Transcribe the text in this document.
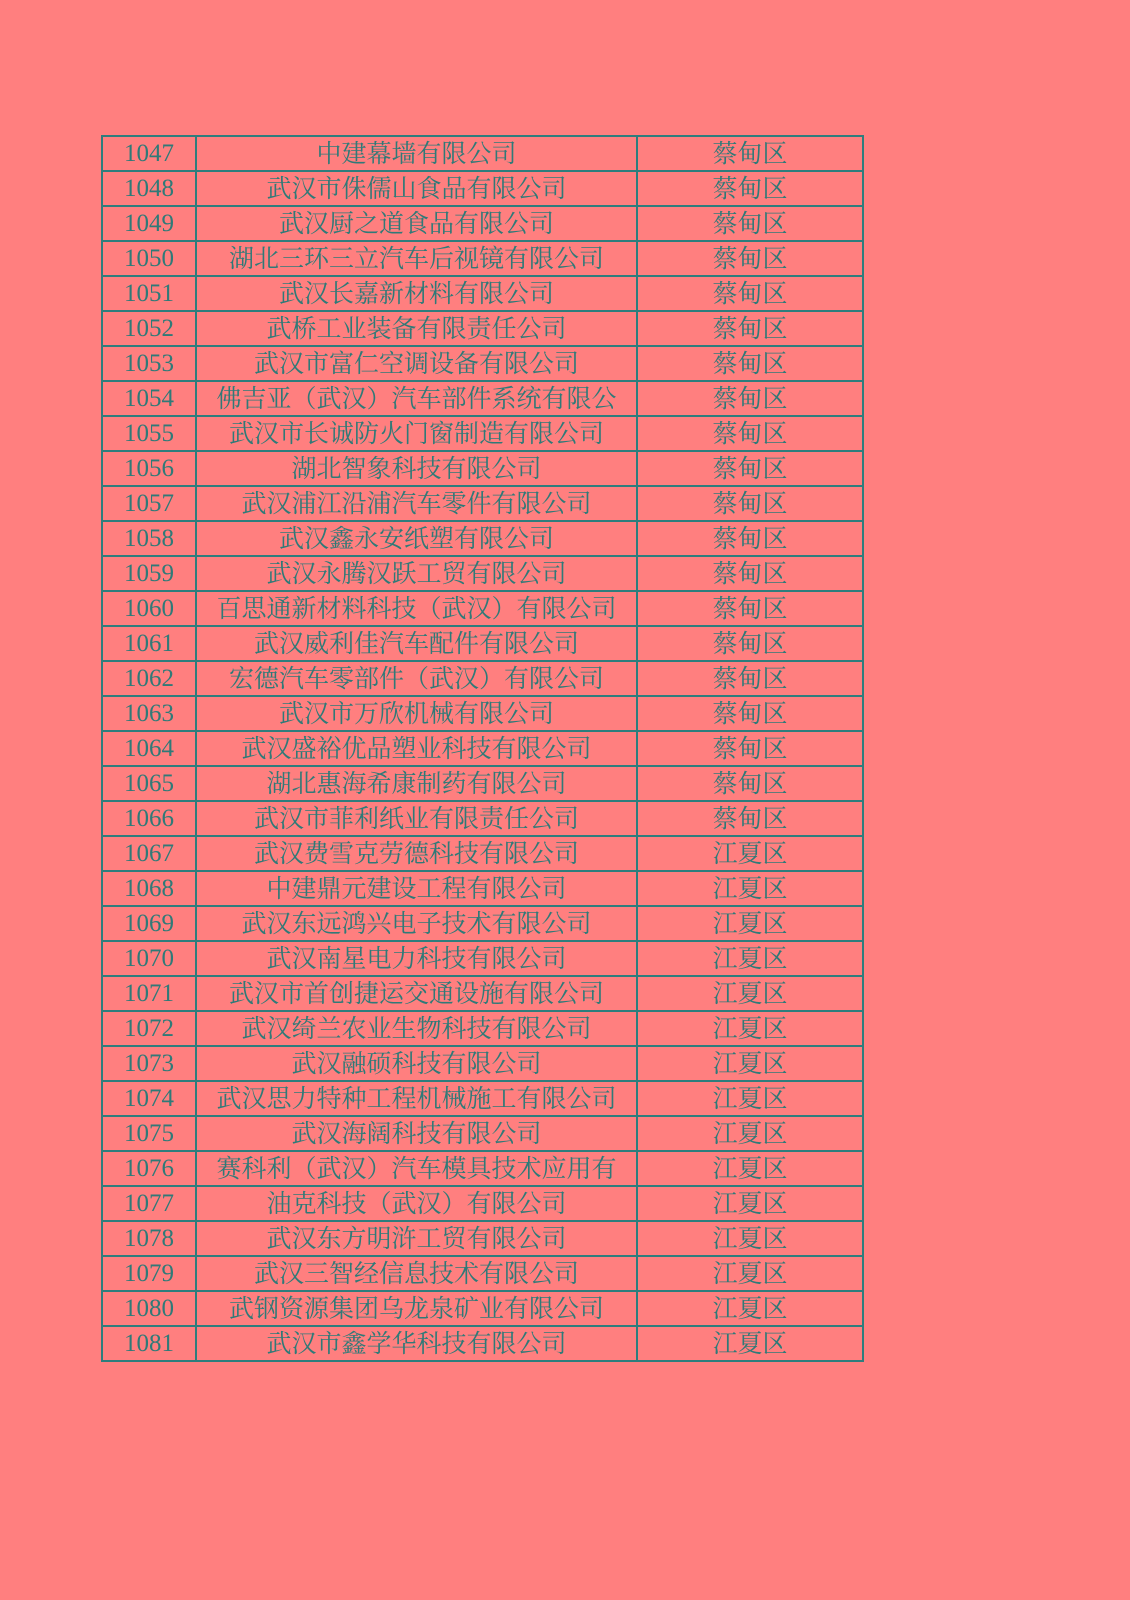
1047	中建幕墙有限公司	蔡甸区
1048	武汉市侏儒山食品有限公司	蔡甸区
1049	武汉厨之道食品有限公司	蔡甸区
1050	湖北三环三立汽车后视镜有限公司	蔡甸区
1051	武汉长嘉新材料有限公司	蔡甸区
1052	武桥工业装备有限责任公司	蔡甸区
1053	武汉市富仁空调设备有限公司	蔡甸区
1054	佛吉亚（武汉）汽车部件系统有限公	蔡甸区
1055	武汉市长诚防火门窗制造有限公司	蔡甸区
1056	湖北智象科技有限公司	蔡甸区
1057	武汉浦江沿浦汽车零件有限公司	蔡甸区
1058	武汉鑫永安纸塑有限公司	蔡甸区
1059	武汉永腾汉跃工贸有限公司	蔡甸区
1060	百思通新材料科技（武汉）有限公司	蔡甸区
1061	武汉威利佳汽车配件有限公司	蔡甸区
1062	宏德汽车零部件（武汉）有限公司	蔡甸区
1063	武汉市万欣机械有限公司	蔡甸区
1064	武汉盛裕优品塑业科技有限公司	蔡甸区
1065	湖北惠海希康制药有限公司	蔡甸区
1066	武汉市菲利纸业有限责任公司	蔡甸区
1067	武汉费雪克劳德科技有限公司	江夏区
1068	中建鼎元建设工程有限公司	江夏区
1069	武汉东远鸿兴电子技术有限公司	江夏区
1070	武汉南星电力科技有限公司	江夏区
1071	武汉市首创捷运交通设施有限公司	江夏区
1072	武汉绮兰农业生物科技有限公司	江夏区
1073	武汉融硕科技有限公司	江夏区
1074	武汉思力特种工程机械施工有限公司	江夏区
1075	武汉海阔科技有限公司	江夏区
1076	赛科利（武汉）汽车模具技术应用有	江夏区
1077	油克科技（武汉）有限公司	江夏区
1078	武汉东方明浒工贸有限公司	江夏区
1079	武汉三智经信息技术有限公司	江夏区
1080	武钢资源集团乌龙泉矿业有限公司	江夏区
1081	武汉市鑫学华科技有限公司	江夏区
